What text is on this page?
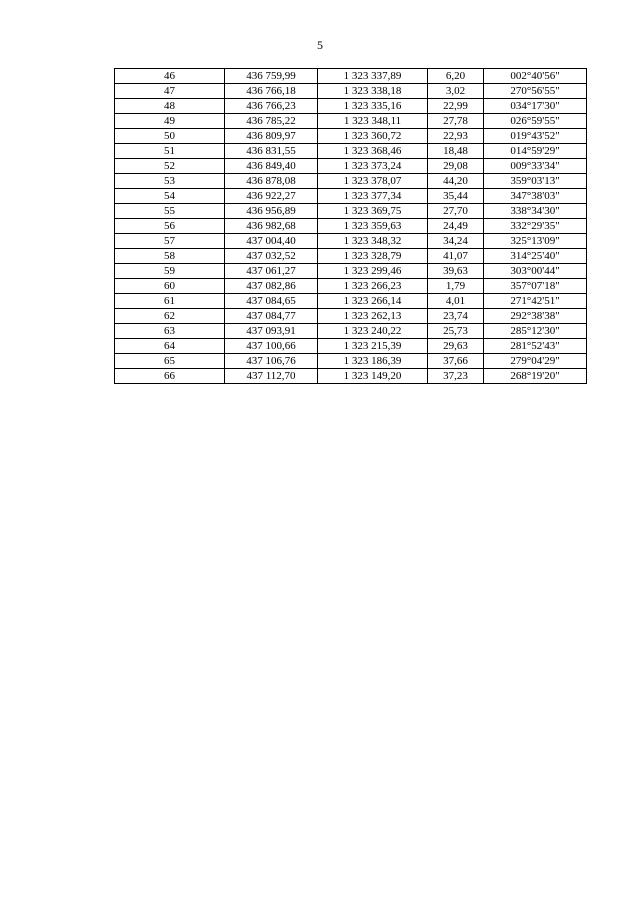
5
46	436 759,99	1 323 337,89	6,20	002°40'56"
47	436 766,18	1 323 338,18	3,02	270°56'55"
48	436 766,23	1 323 335,16	22,99	034°17'30"
49	436 785,22	1 323 348,11	27,78	026°59'55"
50	436 809,97	1 323 360,72	22,93	019°43'52"
51	436 831,55	1 323 368,46	18,48	014°59'29"
52	436 849,40	1 323 373,24	29,08	009°33'34"
53	436 878,08	1 323 378,07	44,20	359°03'13"
54	436 922,27	1 323 377,34	35,44	347°38'03"
55	436 956,89	1 323 369,75	27,70	338°34'30"
56	436 982,68	1 323 359,63	24,49	332°29'35"
57	437 004,40	1 323 348,32	34,24	325°13'09"
58	437 032,52	1 323 328,79	41,07	314°25'40"
59	437 061,27	1 323 299,46	39,63	303°00'44"
60	437 082,86	1 323 266,23	1,79	357°07'18"
61	437 084,65	1 323 266,14	4,01	271°42'51"
62	437 084,77	1 323 262,13	23,74	292°38'38"
63	437 093,91	1 323 240,22	25,73	285°12'30"
64	437 100,66	1 323 215,39	29,63	281°52'43"
65	437 106,76	1 323 186,39	37,66	279°04'29"
66	437 112,70	1 323 149,20	37,23	268°19'20"
